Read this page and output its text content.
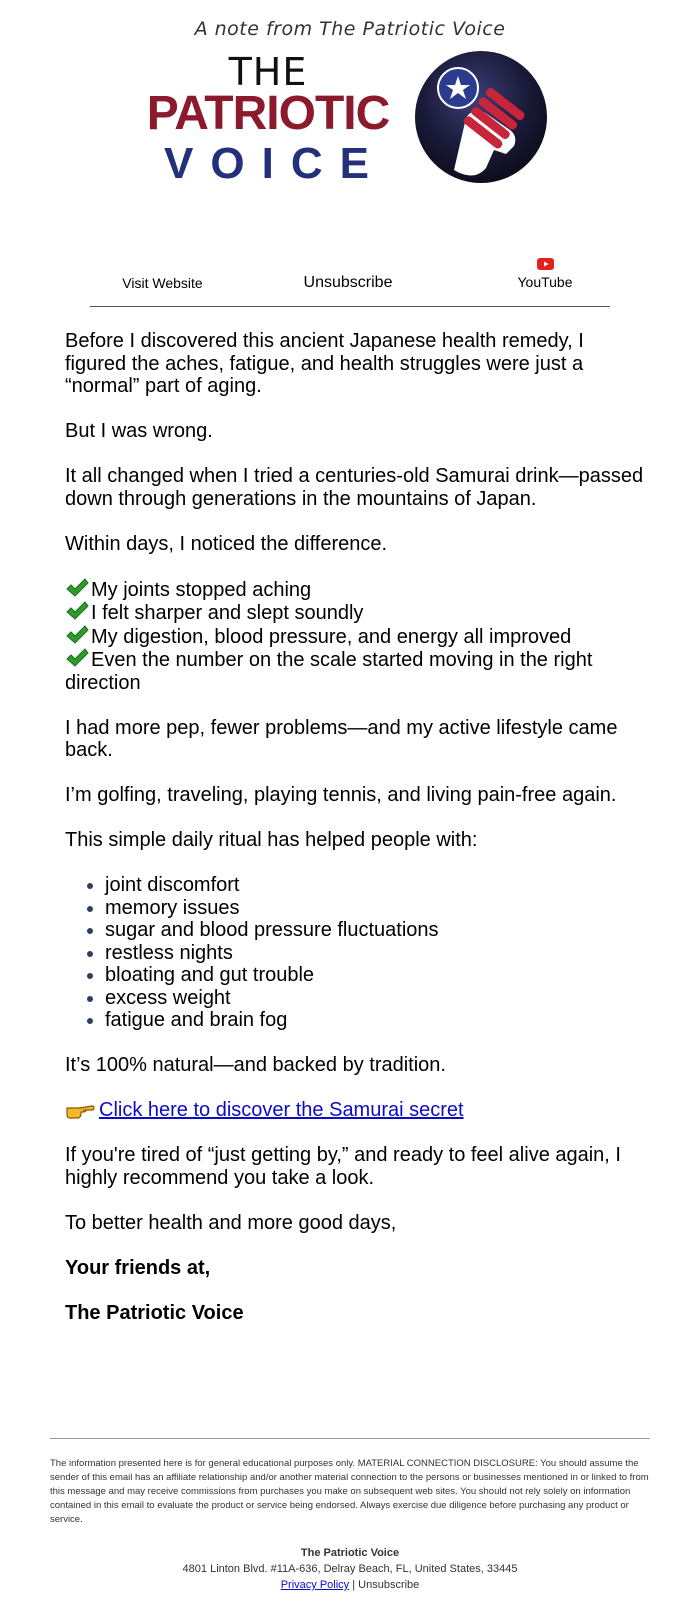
A note from The Patriotic Voice
THE
PATRIOTIC
VOICE
Visit Website	Unsubscribe	YouTube

Before I discovered this ancient Japanese health remedy, I figured the aches, fatigue, and health struggles were just a “normal” part of aging.

But I was wrong.

It all changed when I tried a centuries-old Samurai drink—passed down through generations in the mountains of Japan.

Within days, I noticed the difference.

My joints stopped aching
I felt sharper and slept soundly
My digestion, blood pressure, and energy all improved
Even the number on the scale started moving in the right direction

I had more pep, fewer problems—and my active lifestyle came back.

I’m golfing, traveling, playing tennis, and living pain-free again.

This simple daily ritual has helped people with:

• joint discomfort
• memory issues
• sugar and blood pressure fluctuations
• restless nights
• bloating and gut trouble
• excess weight
• fatigue and brain fog

It’s 100% natural—and backed by tradition.

Click here to discover the Samurai secret

If you're tired of “just getting by,” and ready to feel alive again, I highly recommend you take a look.

To better health and more good days,

Your friends at,

The Patriotic Voice

The information presented here is for general educational purposes only. MATERIAL CONNECTION DISCLOSURE: You should assume the sender of this email has an affiliate relationship and/or another material connection to the persons or businesses mentioned in or linked to from this message and may receive commissions from purchases you make on subsequent web sites. You should not rely solely on information contained in this email to evaluate the product or service being endorsed. Always exercise due diligence before purchasing any product or service.
The Patriotic Voice
4801 Linton Blvd. #11A-636, Delray Beach, FL, United States, 33445
Privacy Policy | Unsubscribe
